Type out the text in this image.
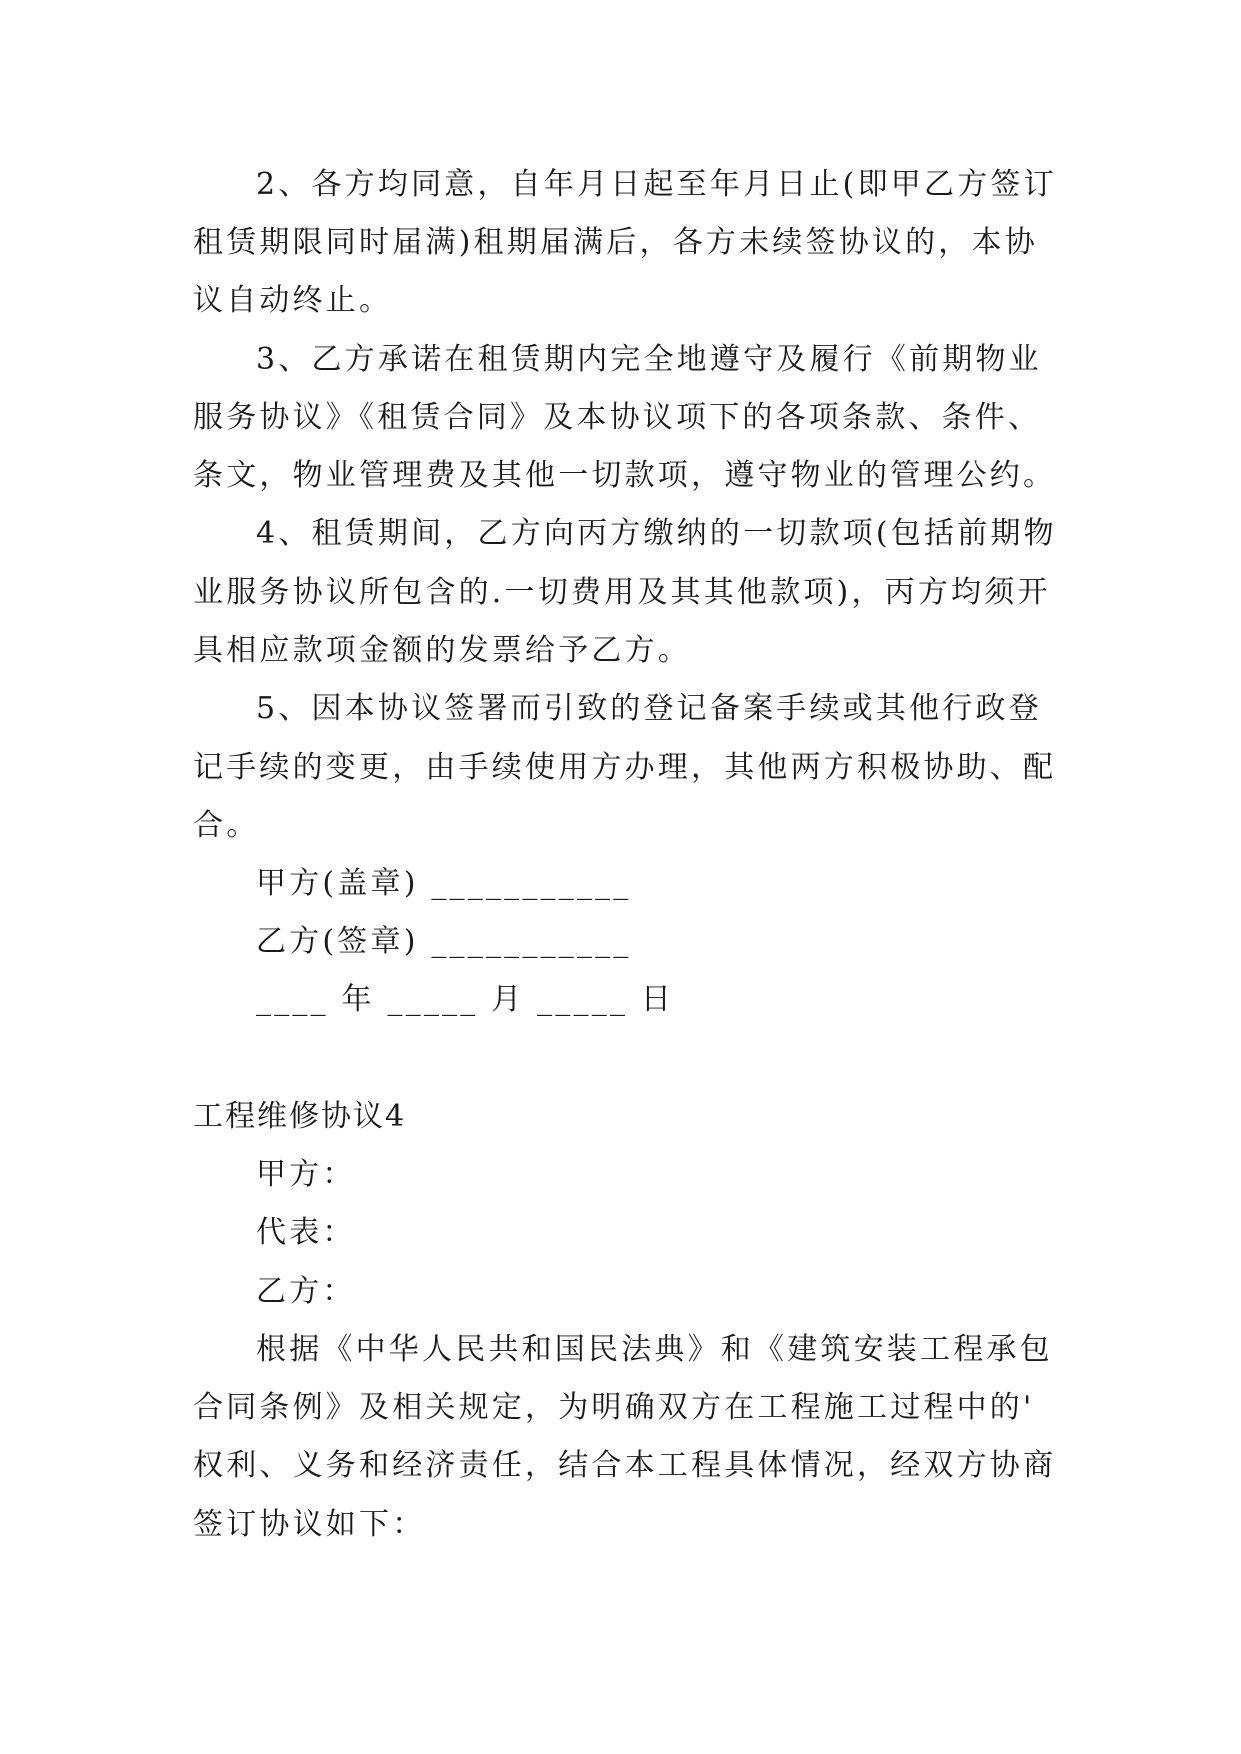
2、各方均同意，自年月日起至年月日止(即甲乙方签订
租赁期限同时届满)租期届满后，各方未续签协议的，本协
议自动终止。
3、乙方承诺在租赁期内完全地遵守及履行《前期物业
服务协议》《租赁合同》及本协议项下的各项条款、条件、
条文，物业管理费及其他一切款项，遵守物业的管理公约。
4、租赁期间，乙方向丙方缴纳的一切款项(包括前期物
业服务协议所包含的.一切费用及其其他款项)，丙方均须开
具相应款项金额的发票给予乙方。
5、因本协议签署而引致的登记备案手续或其他行政登
记手续的变更，由手续使用方办理，其他两方积极协助、配
合。
甲方(盖章) ___________
乙方(签章) ___________
____ 年 _____ 月 _____ 日
工程维修协议4
甲方：
代表：
乙方：
根据《中华人民共和国民法典》和《建筑安装工程承包
合同条例》及相关规定，为明确双方在工程施工过程中的'
权利、义务和经济责任，结合本工程具体情况，经双方协商
签订协议如下：
